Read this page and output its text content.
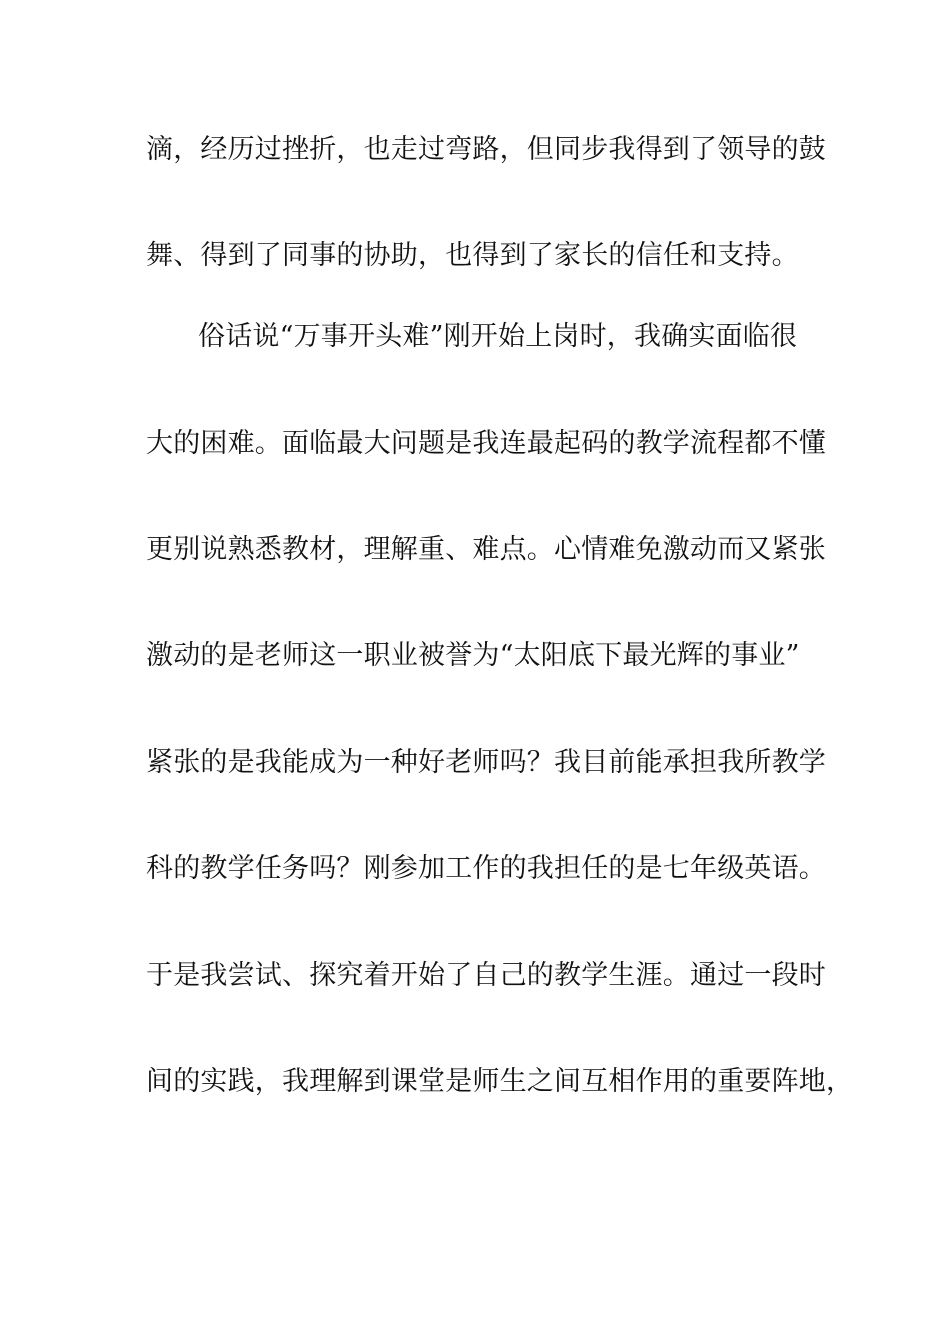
滴，经历过挫折，也走过弯路，但同步我得到了领导的鼓
舞、得到了同事的协助，也得到了家长的信任和支持。
俗话说“万事开头难”刚开始上岗时，我确实面临很
大的困难。面临最大问题是我连最起码的教学流程都不懂
更别说熟悉教材，理解重、难点。心情难免激动而又紧张
激动的是老师这一职业被誉为“太阳底下最光辉的事业”
紧张的是我能成为一种好老师吗？我目前能承担我所教学
科的教学任务吗？刚参加工作的我担任的是七年级英语。
于是我尝试、探究着开始了自己的教学生涯。通过一段时
间的实践，我理解到课堂是师生之间互相作用的重要阵地，
